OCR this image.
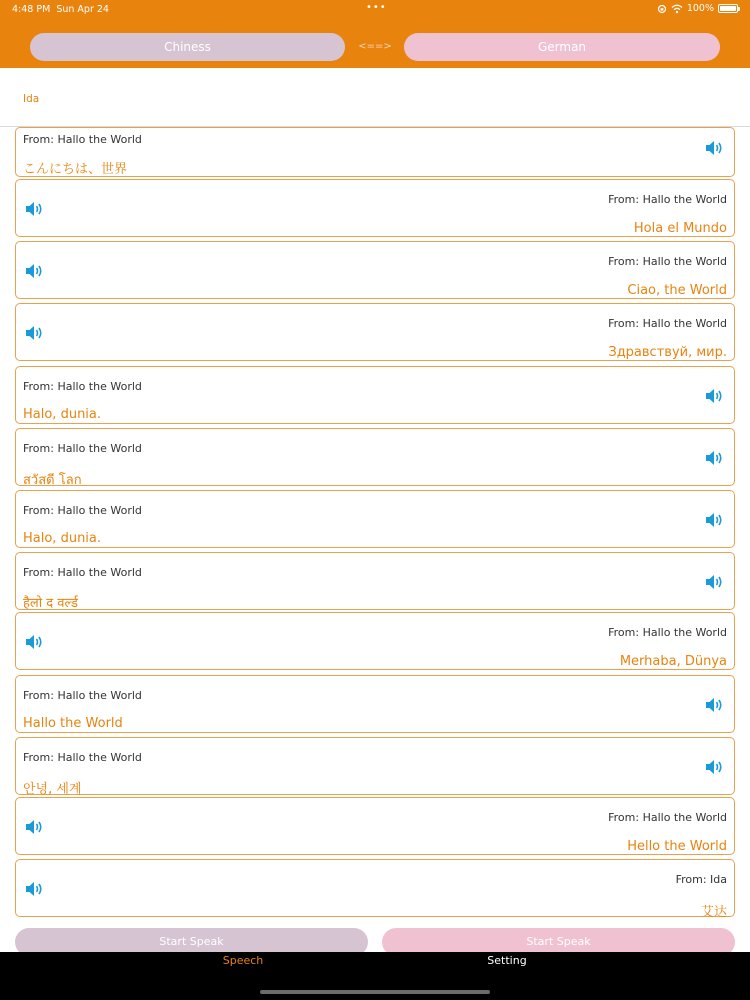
4:48 PM Sun Apr 24	•••	100%
Chiness	<==>	German
Ida
From: Hallo the World
こんにちは、世界
From: Hallo the World
Hola el Mundo
From: Hallo the World
Ciao, the World
From: Hallo the World
Здравствуй, мир.
From: Hallo the World
Halo, dunia.
From: Hallo the World
สวัสดี โลก
From: Hallo the World
Halo, dunia.
From: Hallo the World
हैलो द वर्ल्ड
From: Hallo the World
Merhaba, Dünya
From: Hallo the World
Hallo the World
From: Hallo the World
안녕, 세계
From: Hallo the World
Hello the World
From: Ida
艾达
Start Speak	Start Speak
Speech	Setting
